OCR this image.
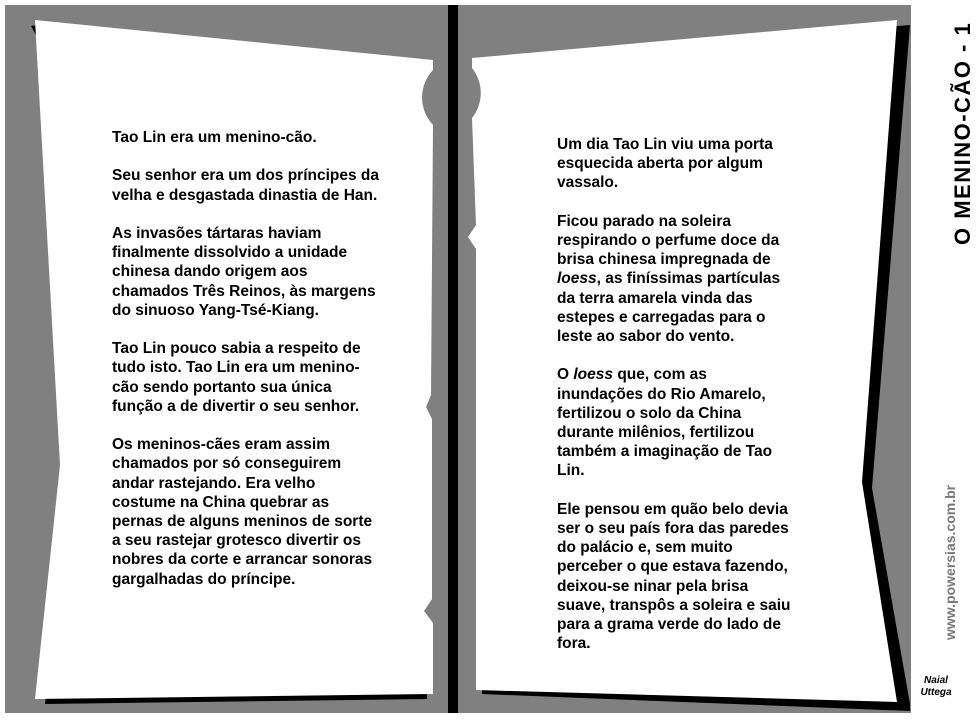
Tao Lin era um menino-cão.

Seu senhor era um dos príncipes da velha e desgastada dinastia de Han.

As invasões tártaras haviam finalmente dissolvido a unidade chinesa dando origem aos chamados Três Reinos, às margens do sinuoso Yang-Tsé-Kiang.

Tao Lin pouco sabia a respeito de tudo isto. Tao Lin era um menino-cão sendo portanto sua única função a de divertir o seu senhor.

Os meninos-cães eram assim chamados por só conseguirem andar rastejando. Era velho costume na China quebrar as pernas de alguns meninos de sorte a seu rastejar grotesco divertir os nobres da corte e arrancar sonoras gargalhadas do príncipe.

Um dia Tao Lin viu uma porta esquecida aberta por algum vassalo.

Ficou parado na soleira respirando o perfume doce da brisa chinesa impregnada de loess, as finíssimas partículas da terra amarela vinda das estepes e carregadas para o leste ao sabor do vento.

O loess que, com as inundações do Rio Amarelo, fertilizou o solo da China durante milênios, fertilizou também a imaginação de Tao Lin.

Ele pensou em quão belo devia ser o seu país fora das paredes do palácio e, sem muito perceber o que estava fazendo, deixou-se ninar pela brisa suave, transpôs a soleira e saiu para a grama verde do lado de fora.

O MENINO-CÃO - 1
www.powersias.com.br
Naial
Uttega
